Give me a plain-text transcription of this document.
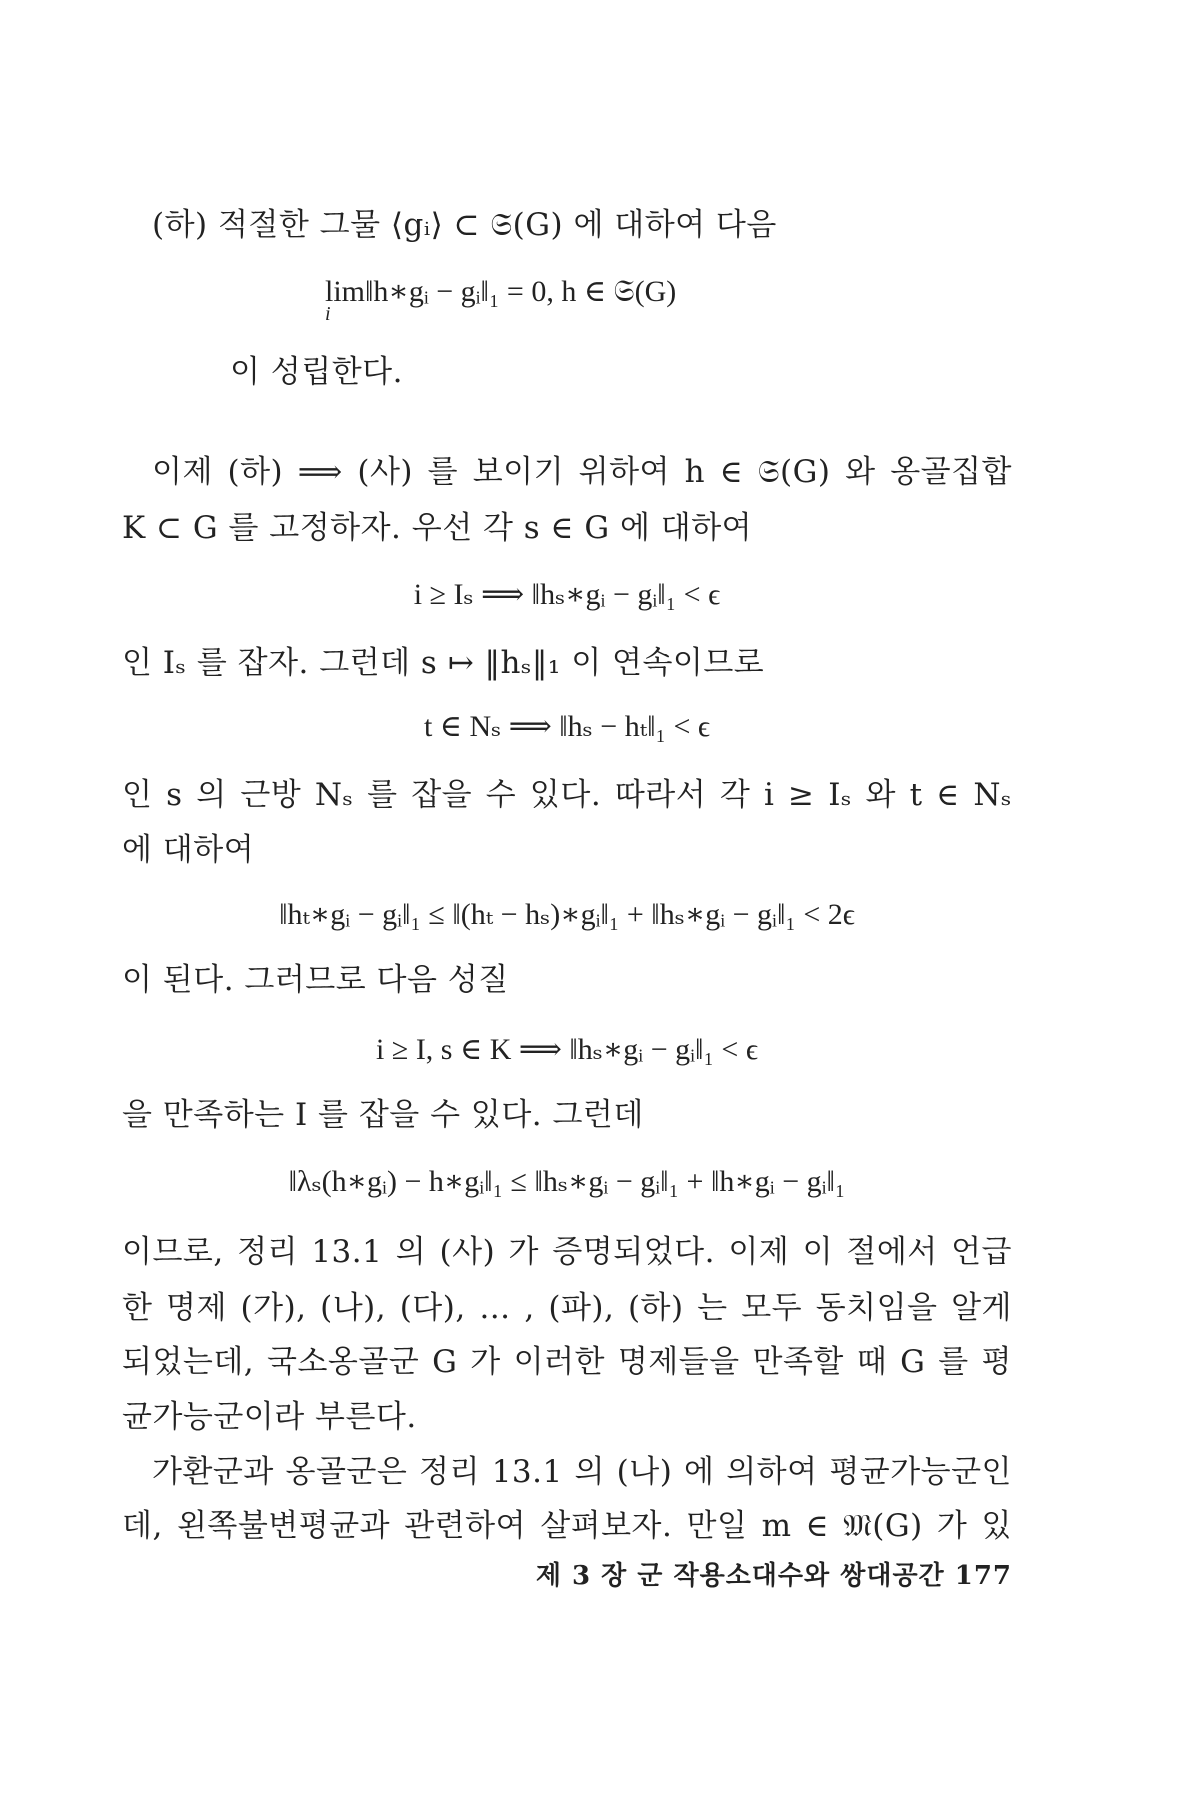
(하) 적절한 그물 ⟨gᵢ⟩ ⊂ 𝔖(G) 에 대하여 다음
lim‖h∗gᵢ − gᵢ‖₁ = 0, h ∈ 𝔖(G)
i
이 성립한다.
이제 (하) ⟹ (사) 를 보이기 위하여 h ∈ 𝔖(G) 와 옹골집합
K ⊂ G 를 고정하자. 우선 각 s ∈ G 에 대하여
i ≥ Iₛ ⟹ ‖hₛ∗gᵢ − gᵢ‖₁ < ϵ
인 Iₛ 를 잡자. 그런데 s ↦ ‖hₛ‖₁ 이 연속이므로
t ∈ Nₛ ⟹ ‖hₛ − hₜ‖₁ < ϵ
인 s 의 근방 Nₛ 를 잡을 수 있다. 따라서 각 i ≥ Iₛ 와 t ∈ Nₛ
에 대하여
‖hₜ∗gᵢ − gᵢ‖₁ ≤ ‖(hₜ − hₛ)∗gᵢ‖₁ + ‖hₛ∗gᵢ − gᵢ‖₁ < 2ϵ
이 된다. 그러므로 다음 성질
i ≥ I, s ∈ K ⟹ ‖hₛ∗gᵢ − gᵢ‖₁ < ϵ
을 만족하는 I 를 잡을 수 있다. 그런데
‖λₛ(h∗gᵢ) − h∗gᵢ‖₁ ≤ ‖hₛ∗gᵢ − gᵢ‖₁ + ‖h∗gᵢ − gᵢ‖₁
이므로, 정리 13.1 의 (사) 가 증명되었다. 이제 이 절에서 언급
한 명제 (가), (나), (다), … , (파), (하) 는 모두 동치임을 알게
되었는데, 국소옹골군 G 가 이러한 명제들을 만족할 때 G 를 평
균가능군이라 부른다.
가환군과 옹골군은 정리 13.1 의 (나) 에 의하여 평균가능군인
데, 왼쪽불변평균과 관련하여 살펴보자. 만일 m ∈ 𝔐(G) 가 있
제 3 장 군 작용소대수와 쌍대공간 177
